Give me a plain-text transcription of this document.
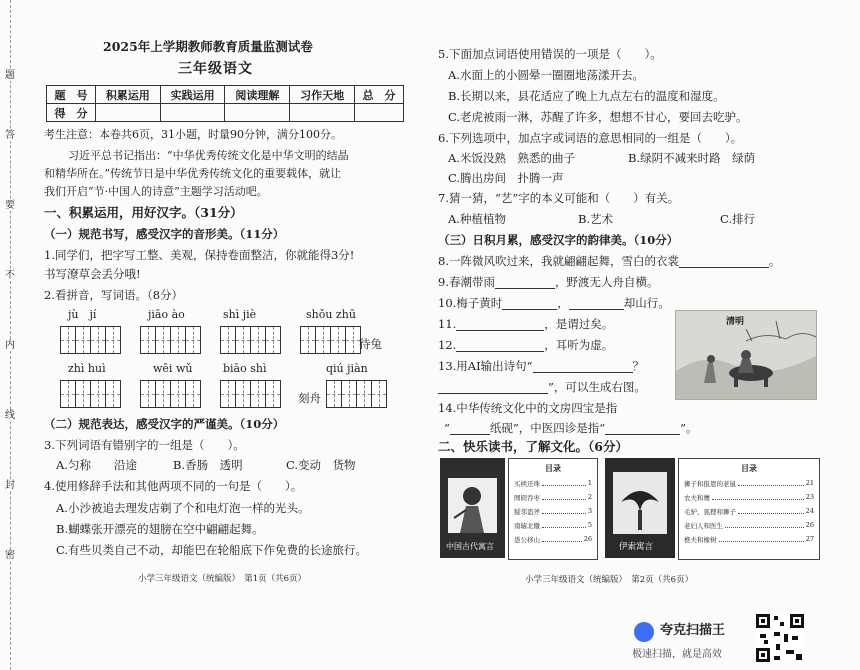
题
答
要
不
内
线
封
密
2025年上学期教师教育质量监测试卷
三年级语文
题　号	积累运用	实践运用	阅读理解	习作天地	总　分
得　分					
考生注意：本卷共6页，31小题，时量90分钟，满分100分。
习近平总书记指出：“中华优秀传统文化是中华文明的结晶
和精华所在。”传统节日是中华优秀传统文化的重要载体，就让
我们开启“节·中国人的诗意”主题学习活动吧。
一、积累运用，用好汉字。（31分）
（一）规范书写，感受汉字的音形美。（11分）
1.同学们，把字写工整、美观，保持卷面整洁，你就能得3分!
书写潦草会丢分哦!
2.看拼音，写词语。（8分）
jù　jí	jiāo ào	shì jiè	shǒu zhū
待兔
zhì huì	wēi wǔ	biāo shì	qiú jiàn
刻舟
（二）规范表达，感受汉字的严谨美。（10分）
3.下列词语有错别字的一组是（　　）。
A.匀称　　沿途	B.香肠　透明	C.变动　货物
4.使用修辞手法和其他两项不同的一句是（　　）。
A.小沙被追去理发店剃了个和电灯泡一样的光头。
B.蝴蝶张开漂亮的翅膀在空中翩翩起舞。
C.有些贝类自己不动，却能巴在轮船底下作免费的长途旅行。
小学三年级语文（统编版）　第1页（共6页）
5.下面加点词语使用错误的一项是（　　）。
A.水面上的小圆晕一圈圈地荡漾开去。
B.长期以来，县花适应了晚上九点左右的温度和湿度。
C.老虎被雨一淋，苏醒了许多，想想不甘心，要回去吃驴。
6.下列选项中，加点字或词语的意思相同的一组是（　　）。
A.米饭没熟　熟悉的曲子	B.绿阴不减来时路　绿荫
C.腾出房间　扑腾一声
7.猜一猜，“艺”字的本义可能和（　　）有关。
A.种植植物	B.艺术	C.排行
（三）日积月累，感受汉字的韵律美。（10分）
8.一阵微风吹过来，我就翩翩起舞，雪白的衣裳	。
9.春潮带雨	，野渡无人舟自横。
10.梅子黄时	，	却山行。
11.	，是谓过矣。
12.	，耳听为虚。
13.用AI输出诗句“	？
”，可以生成右图。
清明
14.中华传统文化中的文房四宝是指
“	纸砚”，中医四诊是指“	”。
二、快乐读书，了解文化。（6分）
中国古代寓言
目录
买椟还珠	1
囫囵吞枣	2
疑邻盗斧	3
南辕北辙	5
愚公移山	26
伊索寓言
目录
狮子和报恩的老鼠	21
农夫和鹰	23
毛驴、狐狸和狮子	24
老妇人和医生	26
樵夫和橡树	27
小学三年级语文（统编版）　第2页（共6页）
夸克扫描王
极速扫描，就是高效
